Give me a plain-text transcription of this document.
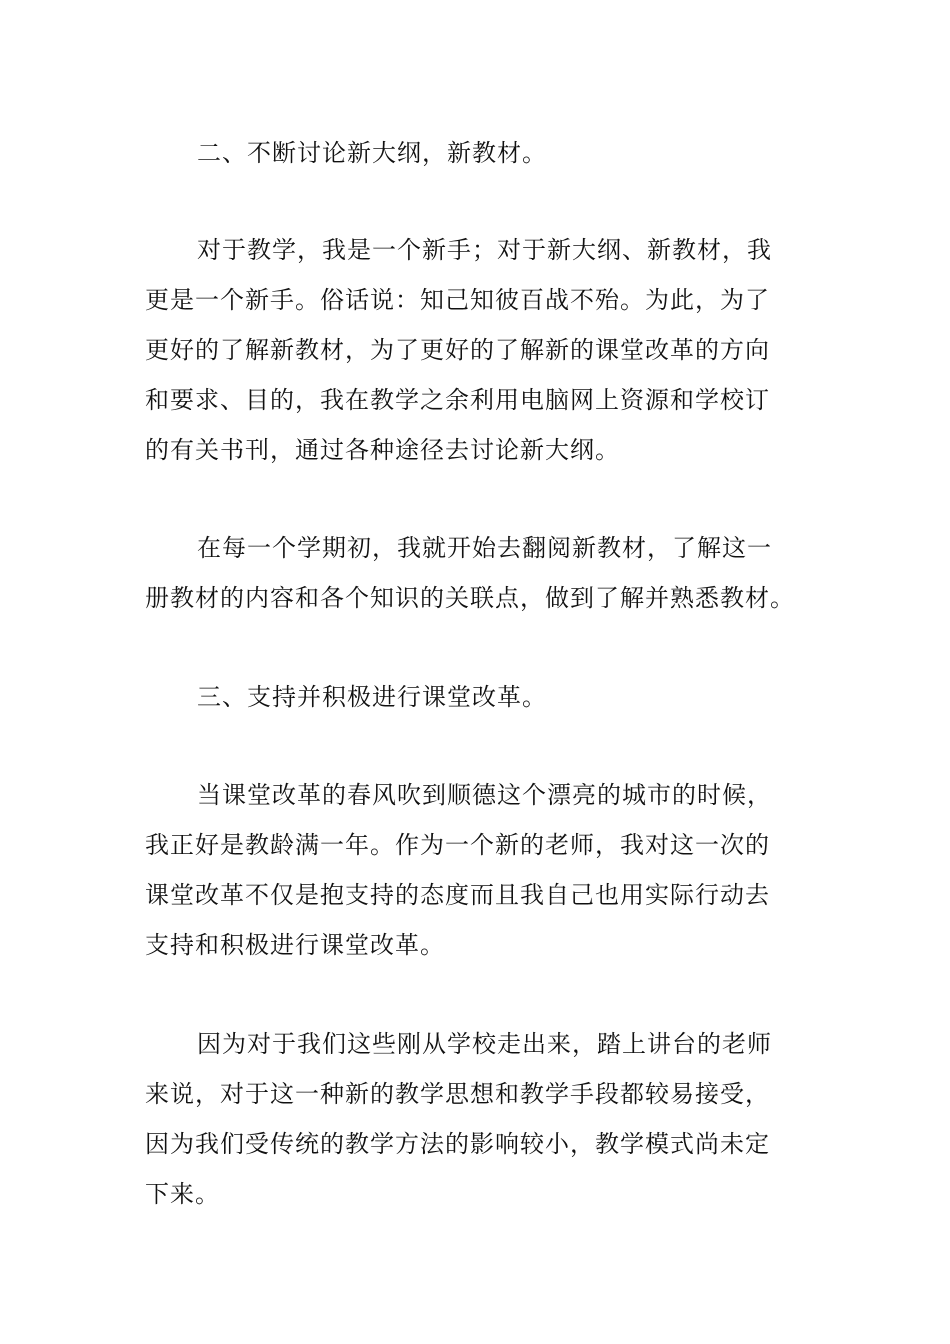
二、不断讨论新大纲，新教材。
对于教学，我是一个新手；对于新大纲、新教材，我
更是一个新手。俗话说：知己知彼百战不殆。为此，为了
更好的了解新教材，为了更好的了解新的课堂改革的方向
和要求、目的，我在教学之余利用电脑网上资源和学校订
的有关书刊，通过各种途径去讨论新大纲。
在每一个学期初，我就开始去翻阅新教材，了解这一
册教材的内容和各个知识的关联点，做到了解并熟悉教材。
三、支持并积极进行课堂改革。
当课堂改革的春风吹到顺德这个漂亮的城市的时候，
我正好是教龄满一年。作为一个新的老师，我对这一次的
课堂改革不仅是抱支持的态度而且我自己也用实际行动去
支持和积极进行课堂改革。
因为对于我们这些刚从学校走出来，踏上讲台的老师
来说，对于这一种新的教学思想和教学手段都较易接受，
因为我们受传统的教学方法的影响较小，教学模式尚未定
下来。
